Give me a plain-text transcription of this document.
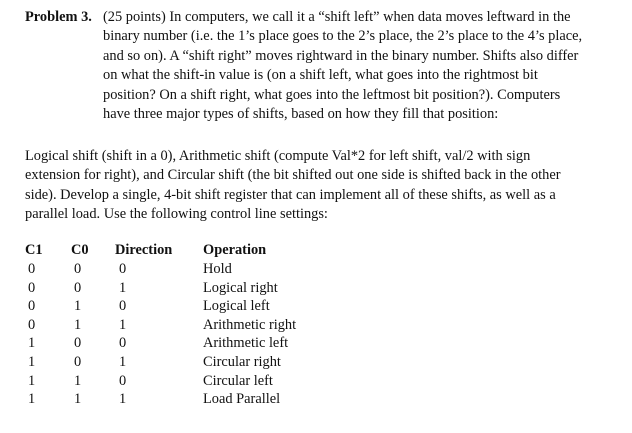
Problem 3. (25 points) In computers, we call it a “shift left” when data moves leftward in the
binary number (i.e. the 1’s place goes to the 2’s place, the 2’s place to the 4’s place,
and so on). A “shift right” moves rightward in the binary number. Shifts also differ
on what the shift-in value is (on a shift left, what goes into the rightmost bit
position? On a shift right, what goes into the leftmost bit position?). Computers
have three major types of shifts, based on how they fill that position:
Logical shift (shift in a 0), Arithmetic shift (compute Val*2 for left shift, val/2 with sign
extension for right), and Circular shift (the bit shifted out one side is shifted back in the other
side). Develop a single, 4-bit shift register that can implement all of these shifts, as well as a
parallel load. Use the following control line settings:
C1	C0	Direction	Operation
0	0	0	Hold
0	0	1	Logical right
0	1	0	Logical left
0	1	1	Arithmetic right
1	0	0	Arithmetic left
1	0	1	Circular right
1	1	0	Circular left
1	1	1	Load Parallel
